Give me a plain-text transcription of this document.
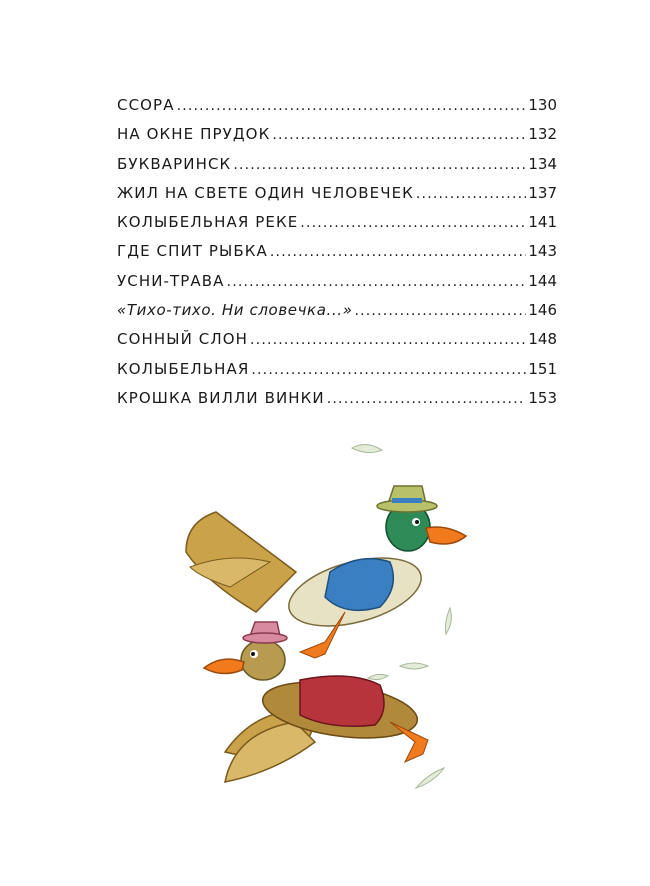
ССОРА .....	130
НА ОКНЕ ПРУДОК .....	132
БУКВАРИНСК .....	134
ЖИЛ НА СВЕТЕ ОДИН ЧЕЛОВЕЧЕК .....	137
КОЛЫБЕЛЬНАЯ РЕКЕ .....	141
ГДЕ СПИТ РЫБКА .....	143
УСНИ-ТРАВА .....	144
«Тихо-тихо. Ни словечка...» .....	146
СОННЫЙ СЛОН .....	148
КОЛЫБЕЛЬНАЯ .....	151
КРОШКА ВИЛЛИ ВИНКИ .....	153
